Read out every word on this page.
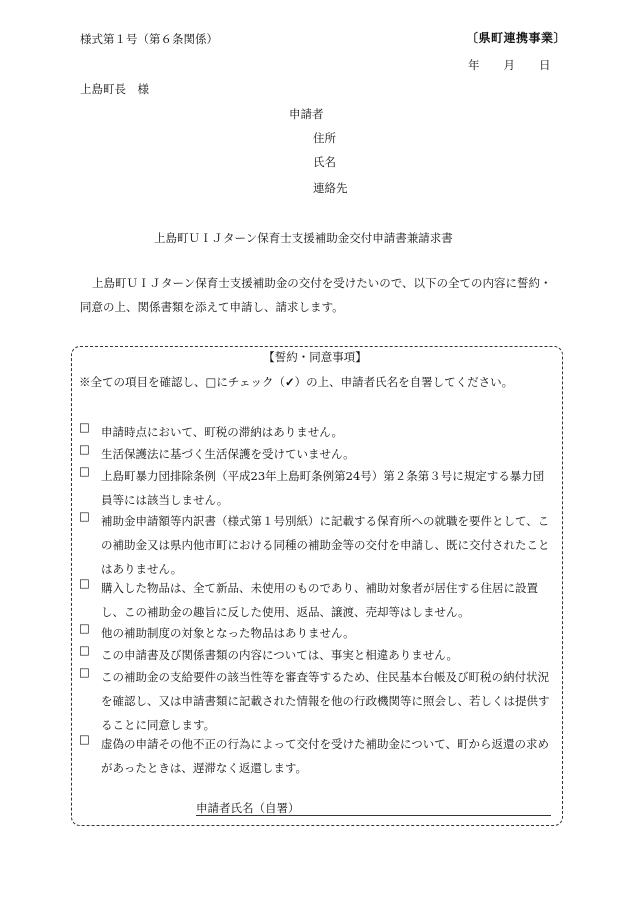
様式第１号（第６条関係）	〔県町連携事業〕
年 月 日
上島町長　様
申請者
住所
氏名
連絡先
上島町ＵＩＪターン保育士支援補助金交付申請書兼請求書
上島町ＵＩＪターン保育士支援補助金の交付を受けたいので、以下の全ての内容に誓約・同意の上、関係書類を添えて申請し、請求します。
【誓約・同意事項】
※全ての項目を確認し、□にチェック（✓）の上、申請者氏名を自署してください。
□ 申請時点において、町税の滞納はありません。
□ 生活保護法に基づく生活保護を受けていません。
□ 上島町暴力団排除条例（平成23年上島町条例第24号）第２条第３号に規定する暴力団員等には該当しません。
□ 補助金申請額等内訳書（様式第１号別紙）に記載する保育所への就職を要件として、この補助金又は県内他市町における同種の補助金等の交付を申請し、既に交付されたことはありません。
□ 購入した物品は、全て新品、未使用のものであり、補助対象者が居住する住居に設置し、この補助金の趣旨に反した使用、返品、譲渡、売却等はしません。
□ 他の補助制度の対象となった物品はありません。
□ この申請書及び関係書類の内容については、事実と相違ありません。
□ この補助金の支給要件の該当性等を審査等するため、住民基本台帳及び町税の納付状況を確認し、又は申請書類に記載された情報を他の行政機関等に照会し、若しくは提供することに同意します。
□ 虚偽の申請その他不正の行為によって交付を受けた補助金について、町から返還の求めがあったときは、遅滞なく返還します。
申請者氏名（自署）
